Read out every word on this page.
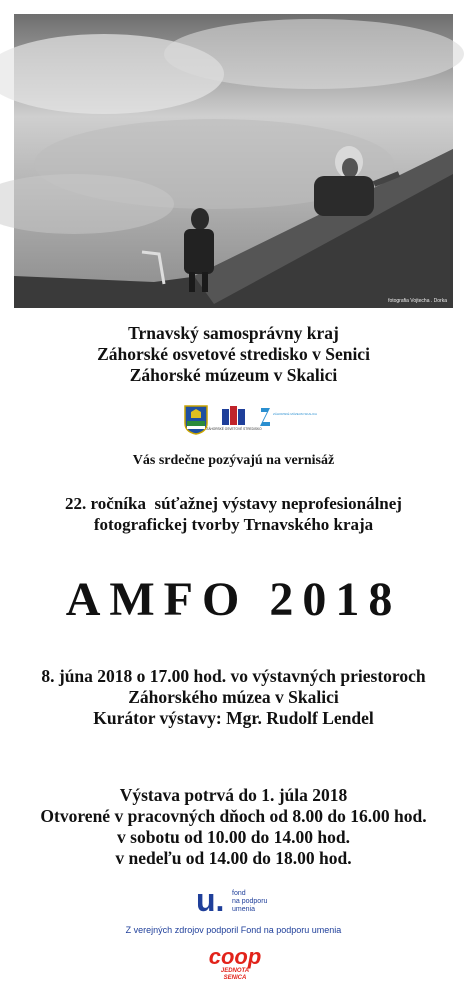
fotografia Vojtecha . Dorka
Trnavský samosprávny kraj
Záhorské osvetové stredisko v Senici
Záhorské múzeum v Skalici
ZÁHORSKÉ OSVETOVÉ STREDISKO
ZÁHORSKÉ MÚZEUM SKALICA
Vás srdečne pozývajú na vernisáž
22. ročníka  súťažnej výstavy neprofesionálnej
fotografickej tvorby Trnavského kraja
AMFO 2018
8. júna 2018 o 17.00 hod. vo výstavných priestoroch
Záhorského múzea v Skalici
Kurátor výstavy: Mgr. Rudolf Lendel
Výstava potrvá do 1. júla 2018
Otvorené v pracovných dňoch od 8.00 do 16.00 hod.
v sobotu od 10.00 do 14.00 hod.
v nedeľu od 14.00 do 18.00 hod.
u. fond
na podporu
umenia
Z verejných zdrojov podporil Fond na podporu umenia
coop
JEDNOTA
SENICA
